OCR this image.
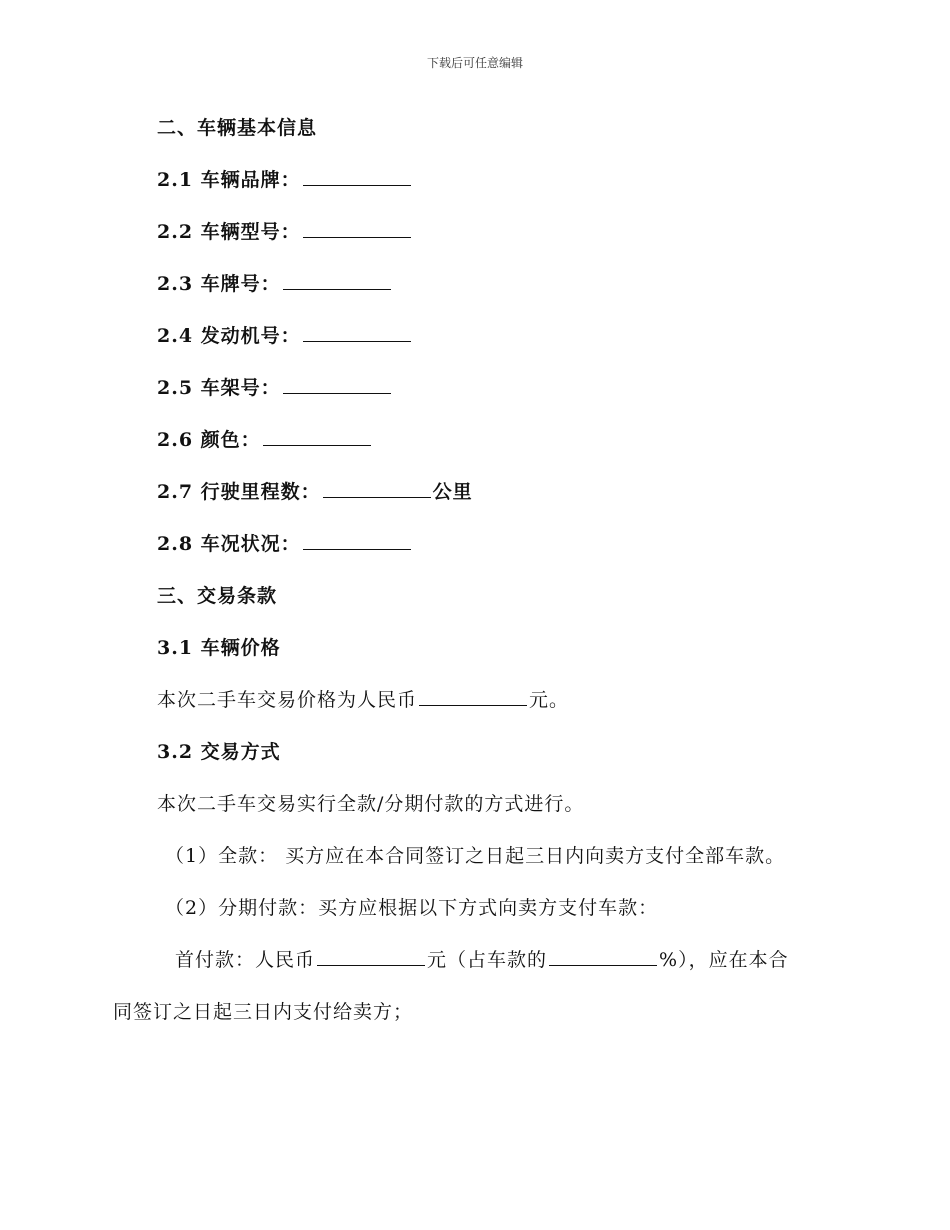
下载后可任意编辑
二、车辆基本信息
2.1 车辆品牌：
2.2 车辆型号：
2.3 车牌号：
2.4 发动机号：
2.5 车架号：
2.6 颜色：
2.7 行驶里程数：	公里
2.8 车况状况：
三、交易条款
3.1 车辆价格
本次二手车交易价格为人民币	元。
3.2 交易方式
本次二手车交易实行全款/分期付款的方式进行。
（1）全款： 买方应在本合同签订之日起三日内向卖方支付全部车款。
（2）分期付款：买方应根据以下方式向卖方支付车款：
首付款：人民币	元（占车款的	%），应在本合
同签订之日起三日内支付给卖方；
